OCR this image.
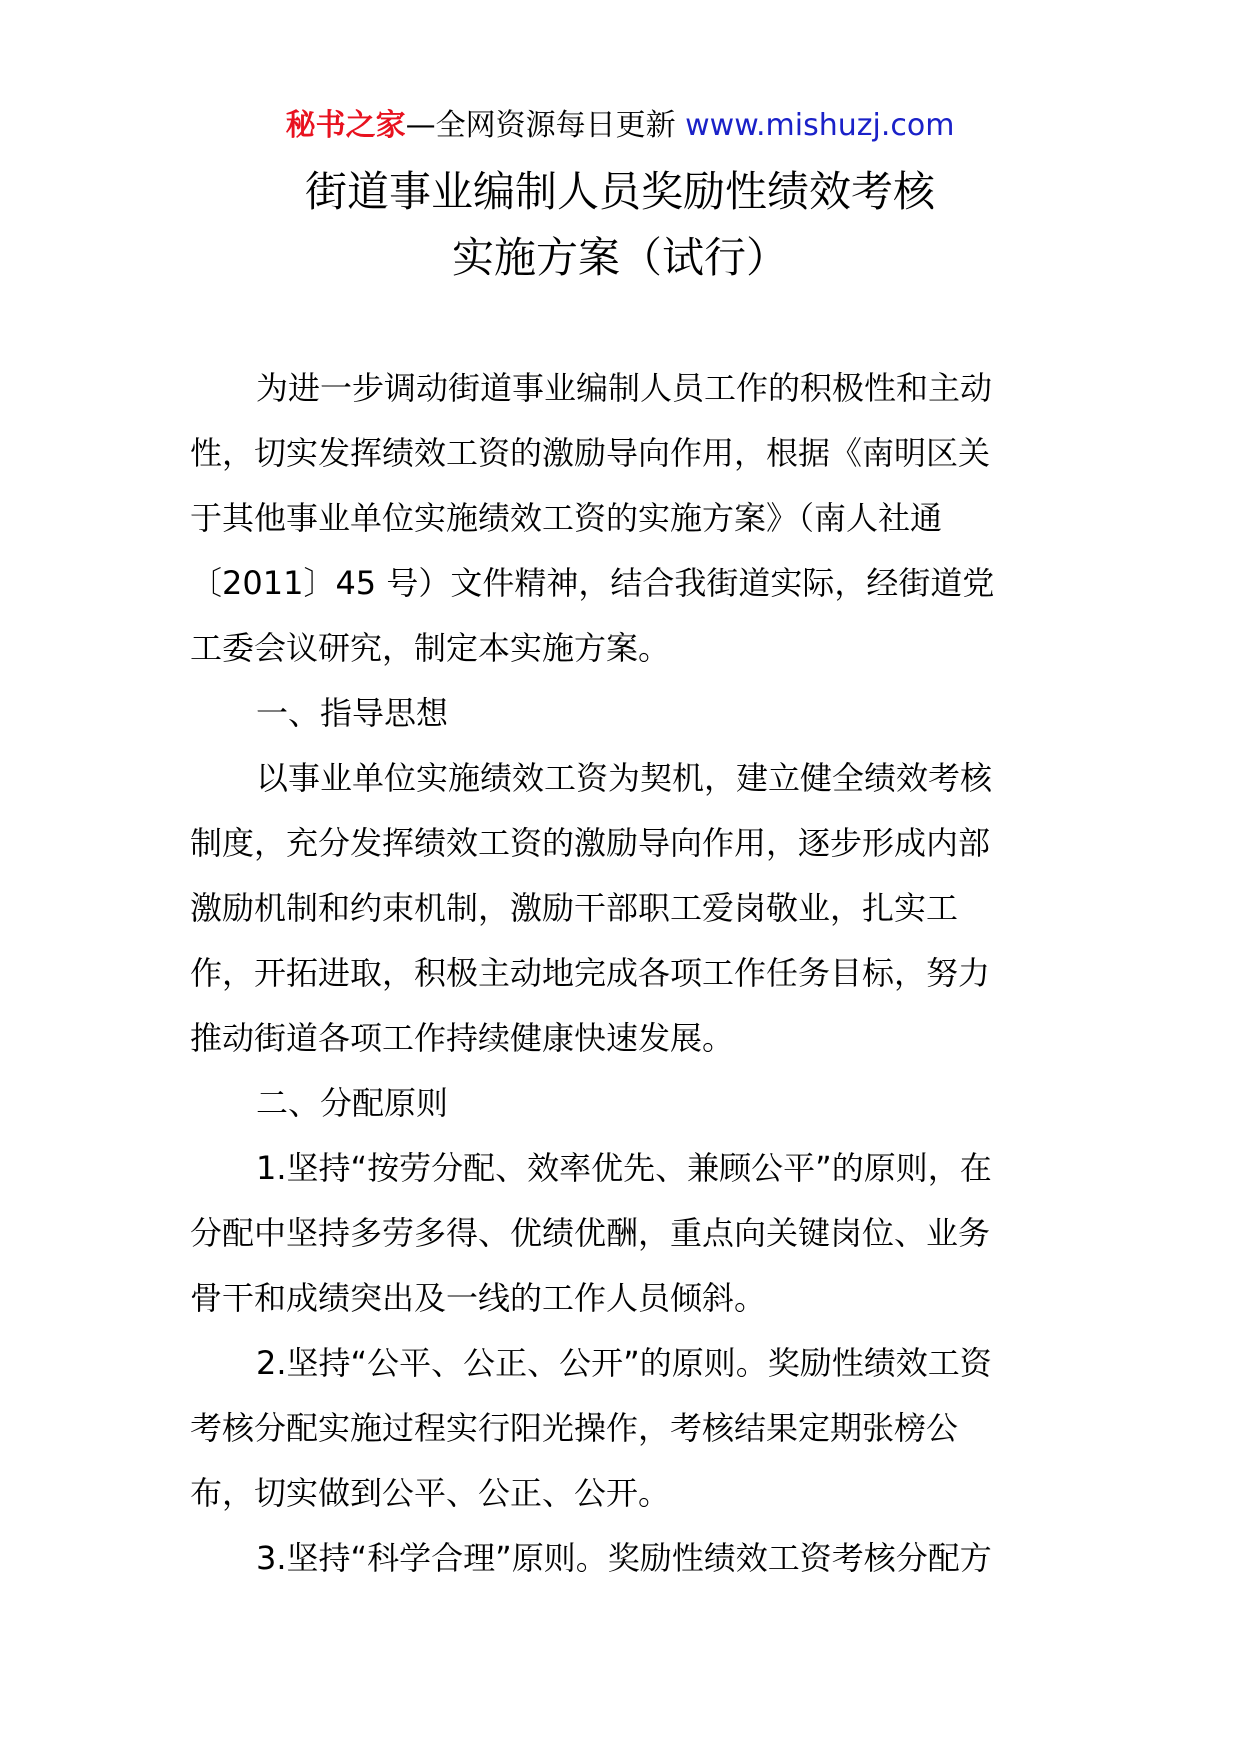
秘书之家—全网资源每日更新 www.mishuzj.com
街道事业编制人员奖励性绩效考核
实施方案（试行）
为进一步调动街道事业编制人员工作的积极性和主动
性，切实发挥绩效工资的激励导向作用，根据《南明区关
于其他事业单位实施绩效工资的实施方案》（南人社通
〔2011〕45 号）文件精神，结合我街道实际，经街道党
工委会议研究，制定本实施方案。
一、指导思想
以事业单位实施绩效工资为契机，建立健全绩效考核
制度，充分发挥绩效工资的激励导向作用，逐步形成内部
激励机制和约束机制，激励干部职工爱岗敬业，扎实工
作，开拓进取，积极主动地完成各项工作任务目标，努力
推动街道各项工作持续健康快速发展。
二、分配原则
1.坚持“按劳分配、效率优先、兼顾公平”的原则，在
分配中坚持多劳多得、优绩优酬，重点向关键岗位、业务
骨干和成绩突出及一线的工作人员倾斜。
2.坚持“公平、公正、公开”的原则。奖励性绩效工资
考核分配实施过程实行阳光操作，考核结果定期张榜公
布，切实做到公平、公正、公开。
3.坚持“科学合理”原则。奖励性绩效工资考核分配方
